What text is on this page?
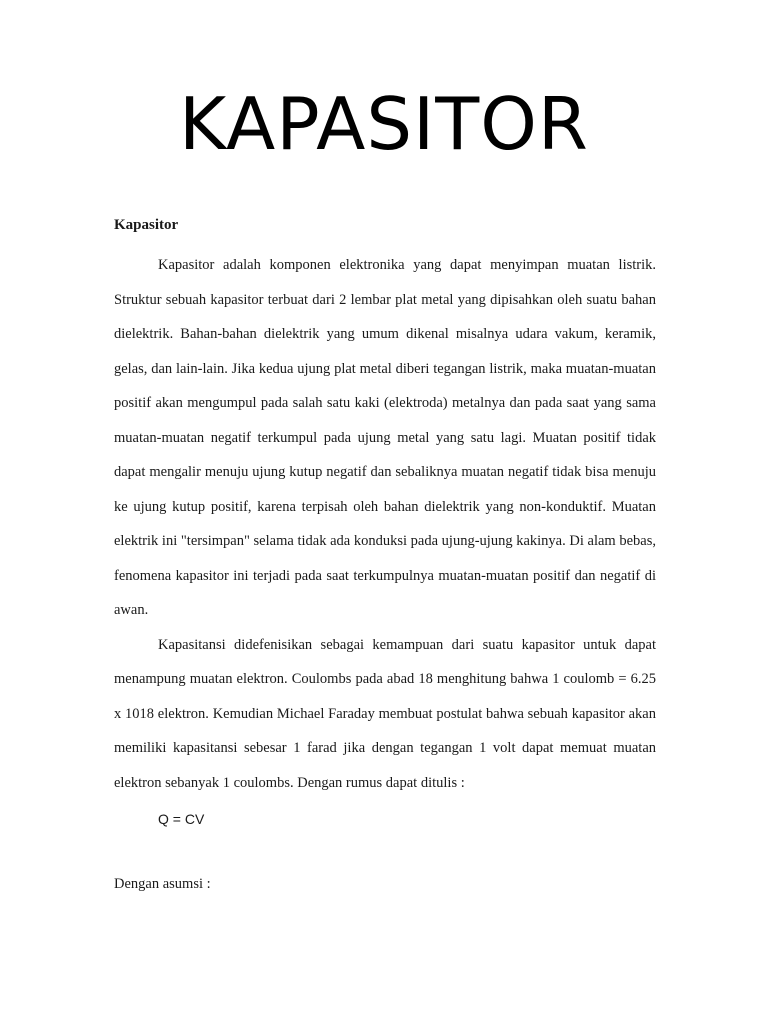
KAPASITOR

Kapasitor

Kapasitor adalah komponen elektronika yang dapat menyimpan muatan listrik. Struktur sebuah kapasitor terbuat dari 2 lembar plat metal yang dipisahkan oleh suatu bahan dielektrik. Bahan-bahan dielektrik yang umum dikenal misalnya udara vakum, keramik, gelas, dan lain-lain. Jika kedua ujung plat metal diberi tegangan listrik, maka muatan-muatan positif akan mengumpul pada salah satu kaki (elektroda) metalnya dan pada saat yang sama muatan-muatan negatif terkumpul pada ujung metal yang satu lagi. Muatan positif tidak dapat mengalir menuju ujung kutup negatif dan sebaliknya muatan negatif tidak bisa menuju ke ujung kutup positif, karena terpisah oleh bahan dielektrik yang non-konduktif. Muatan elektrik ini "tersimpan" selama tidak ada konduksi pada ujung-ujung kakinya. Di alam bebas, fenomena kapasitor ini terjadi pada saat terkumpulnya muatan-muatan positif dan negatif di awan.

Kapasitansi didefenisikan sebagai kemampuan dari suatu kapasitor untuk dapat menampung muatan elektron. Coulombs pada abad 18 menghitung bahwa 1 coulomb = 6.25 x 1018 elektron. Kemudian Michael Faraday membuat postulat bahwa sebuah kapasitor akan memiliki kapasitansi sebesar 1 farad jika dengan tegangan 1 volt dapat memuat muatan elektron sebanyak 1 coulombs. Dengan rumus dapat ditulis :

Q = CV

Dengan asumsi :
